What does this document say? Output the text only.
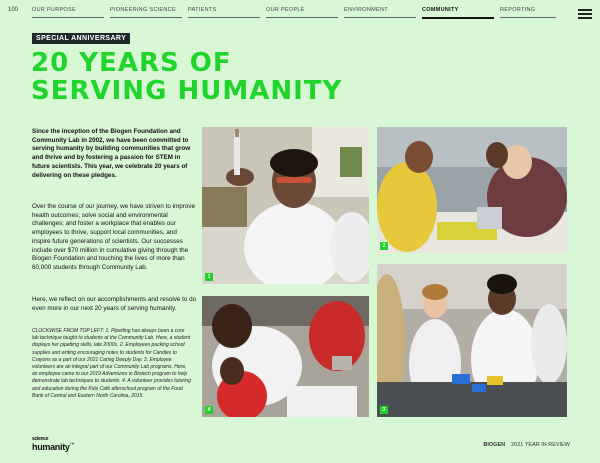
100	OUR PURPOSE	PIONEERING SCIENCE	PATIENTS	OUR PEOPLE	ENVIRONMENT	COMMUNITY	REPORTING
SPECIAL ANNIVERSARY
20 YEARS OF
SERVING HUMANITY

Since the inception of the Biogen Foundation and Community Lab in 2002, we have been committed to serving humanity by building communities that grow and thrive and by fostering a passion for STEM in future scientists. This year, we celebrate 20 years of delivering on these pledges.

Over the course of our journey, we have striven to improve health outcomes; solve social and environmental challenges; and foster a workplace that enables our employees to thrive, support local communities, and inspire future generations of scientists. Our successes include over $70 million in cumulative giving through the Biogen Foundation and touching the lives of more than 60,000 students through Community Lab.

Here, we reflect on our accomplishments and resolve to do even more in our next 20 years of serving humanity.

CLOCKWISE FROM TOP LEFT: 1. Pipetting has always been a core lab technique taught to students at the Community Lab. Here, a student displays her pipetting skills, late 2000s. 2. Employees packing school supplies and writing encouraging notes to students for Candles to Crayons as a part of our 2021 Caring Deeply Day. 3. Employee volunteers are an integral part of our Community Lab programs. Here, an employee came to our 2019 Adventures in Biotech program to help demonstrate lab techniques to students. 4. A volunteer provides tutoring and education during the Kids Café afterschool program of the Food Bank of Central and Eastern North Carolina, 2015.

1
2
4	3
science
humanity™	BIOGEN 2021 YEAR IN REVIEW
